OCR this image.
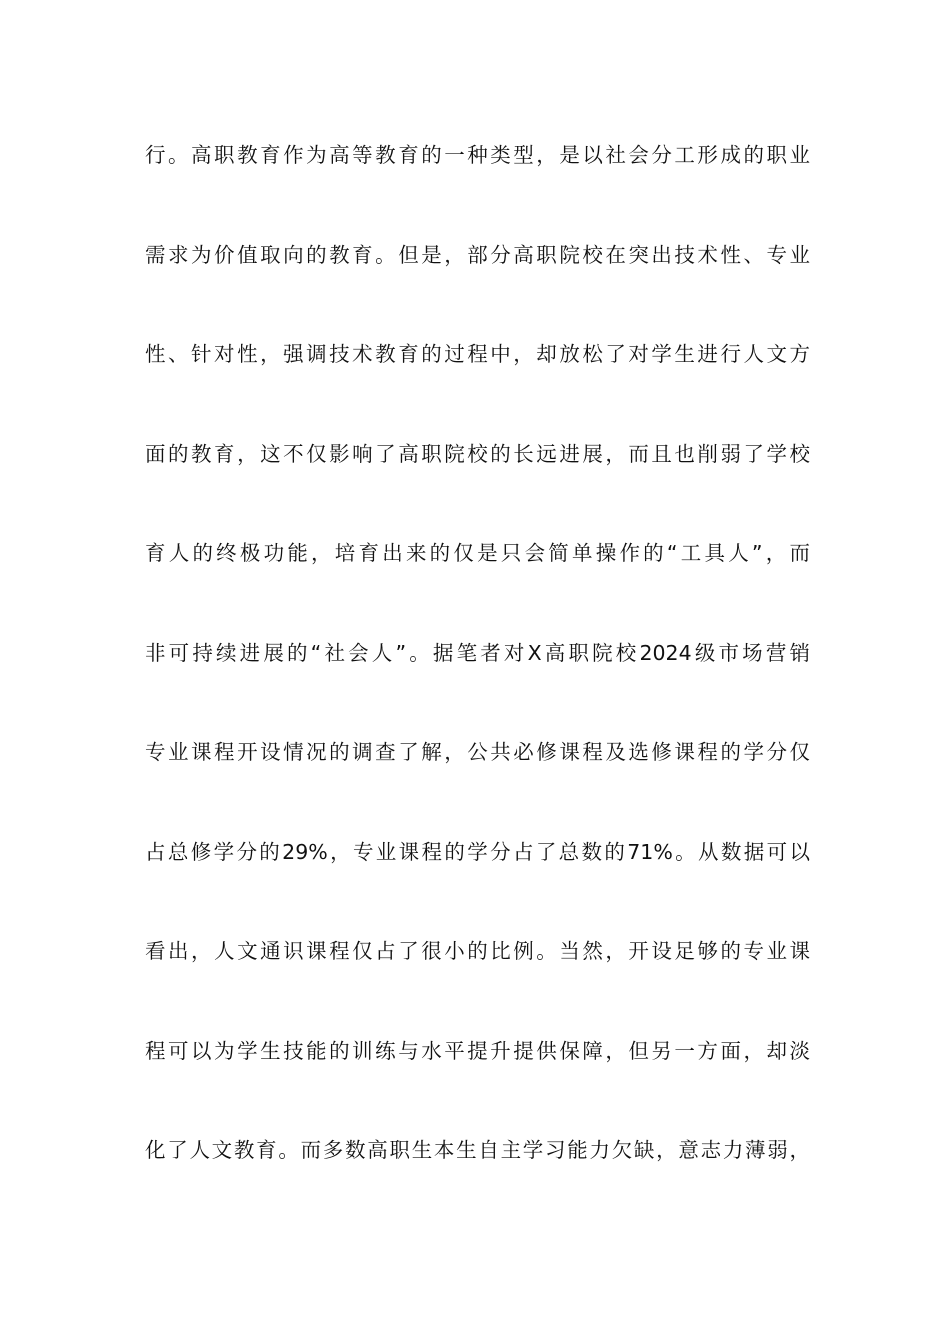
行。高职教育作为高等教育的一种类型，是以社会分工形成的职业
需求为价值取向的教育。但是，部分高职院校在突出技术性、专业
性、针对性，强调技术教育的过程中，却放松了对学生进行人文方
面的教育，这不仅影响了高职院校的长远进展，而且也削弱了学校
育人的终极功能，培育出来的仅是只会简单操作的“工具人”，而
非可持续进展的“社会人”。据笔者对X高职院校2024级市场营销
专业课程开设情况的调查了解，公共必修课程及选修课程的学分仅
占总修学分的29%，专业课程的学分占了总数的71%。从数据可以
看出，人文通识课程仅占了很小的比例。当然，开设足够的专业课
程可以为学生技能的训练与水平提升提供保障，但另一方面，却淡
化了人文教育。而多数高职生本生自主学习能力欠缺，意志力薄弱，
